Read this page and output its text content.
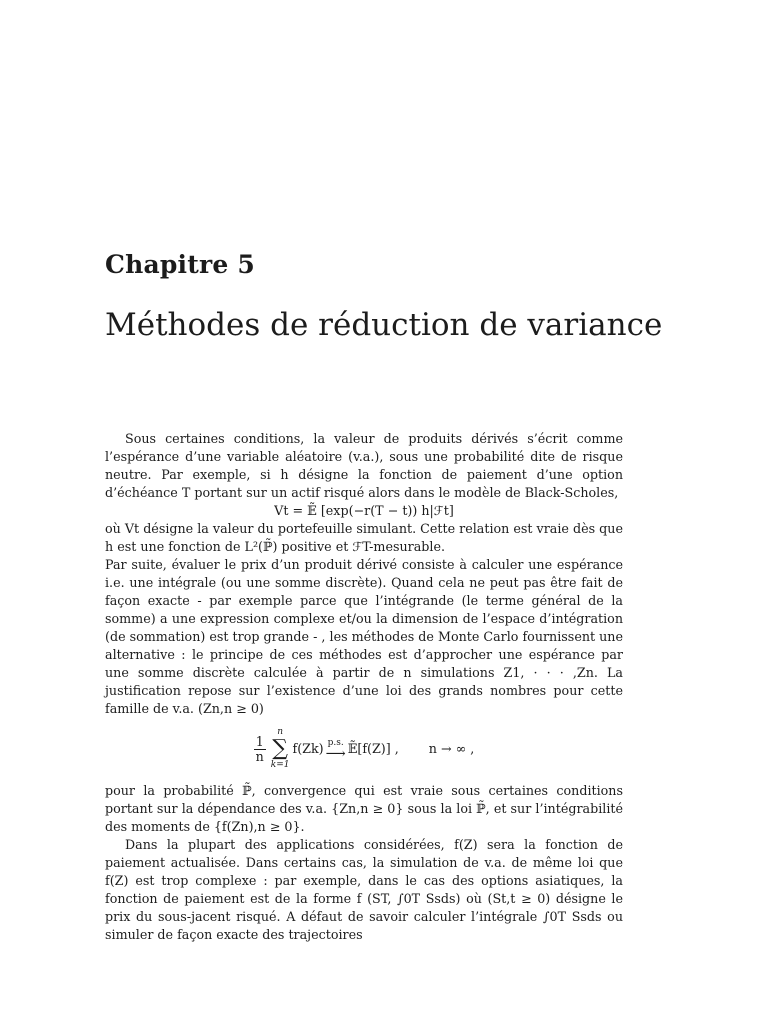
Chapitre 5
Méthodes de réduction de variance

Sous certaines conditions, la valeur de produits dérivés s’écrit comme l’espérance d’une variable aléatoire (v.a.), sous une probabilité dite de risque neutre. Par exemple, si h désigne la fonction de paiement d’une option d’échéance T portant sur un actif risqué alors dans le modèle de Black-Scholes,

Vt = 𝔼̃ [exp(−r(T − t)) h|ℱt]

où Vt désigne la valeur du portefeuille simulant. Cette relation est vraie dès que h est une fonction de L²(ℙ̃) positive et ℱT-mesurable.

Par suite, évaluer le prix d’un produit dérivé consiste à calculer une espérance i.e. une intégrale (ou une somme discrète). Quand cela ne peut pas être fait de façon exacte - par exemple parce que l’intégrande (le terme général de la somme) a une expression complexe et/ou la dimension de l’espace d’intégration (de sommation) est trop grande - , les méthodes de Monte Carlo fournissent une alternative : le principe de ces méthodes est d’approcher une espérance par une somme discrète calculée à partir de n simulations Z1, · · · ,Zn. La justification repose sur l’existence d’une loi des grands nombres pour cette famille de v.a. (Zn,n ≥ 0)

$\frac{1}{n}$
n
∑
k=1
f(Zk) p.s.
⟶ 𝔼̃[f(Z)] , n → ∞ ,

pour la probabilité ℙ̃, convergence qui est vraie sous certaines conditions portant sur la dépendance des v.a. {Zn,n ≥ 0} sous la loi ℙ̃, et sur l’intégrabilité des moments de {f(Zn),n ≥ 0}.

Dans la plupart des applications considérées, f(Z) sera la fonction de paiement actualisée. Dans certains cas, la simulation de v.a. de même loi que f(Z) est trop complexe : par exemple, dans le cas des options asiatiques, la fonction de paiement est de la forme f (ST, ∫0T Ssds) où (St,t ≥ 0) désigne le prix du sous-jacent risqué. A défaut de savoir calculer l’intégrale ∫0T Ssds ou simuler de façon exacte des trajectoires
